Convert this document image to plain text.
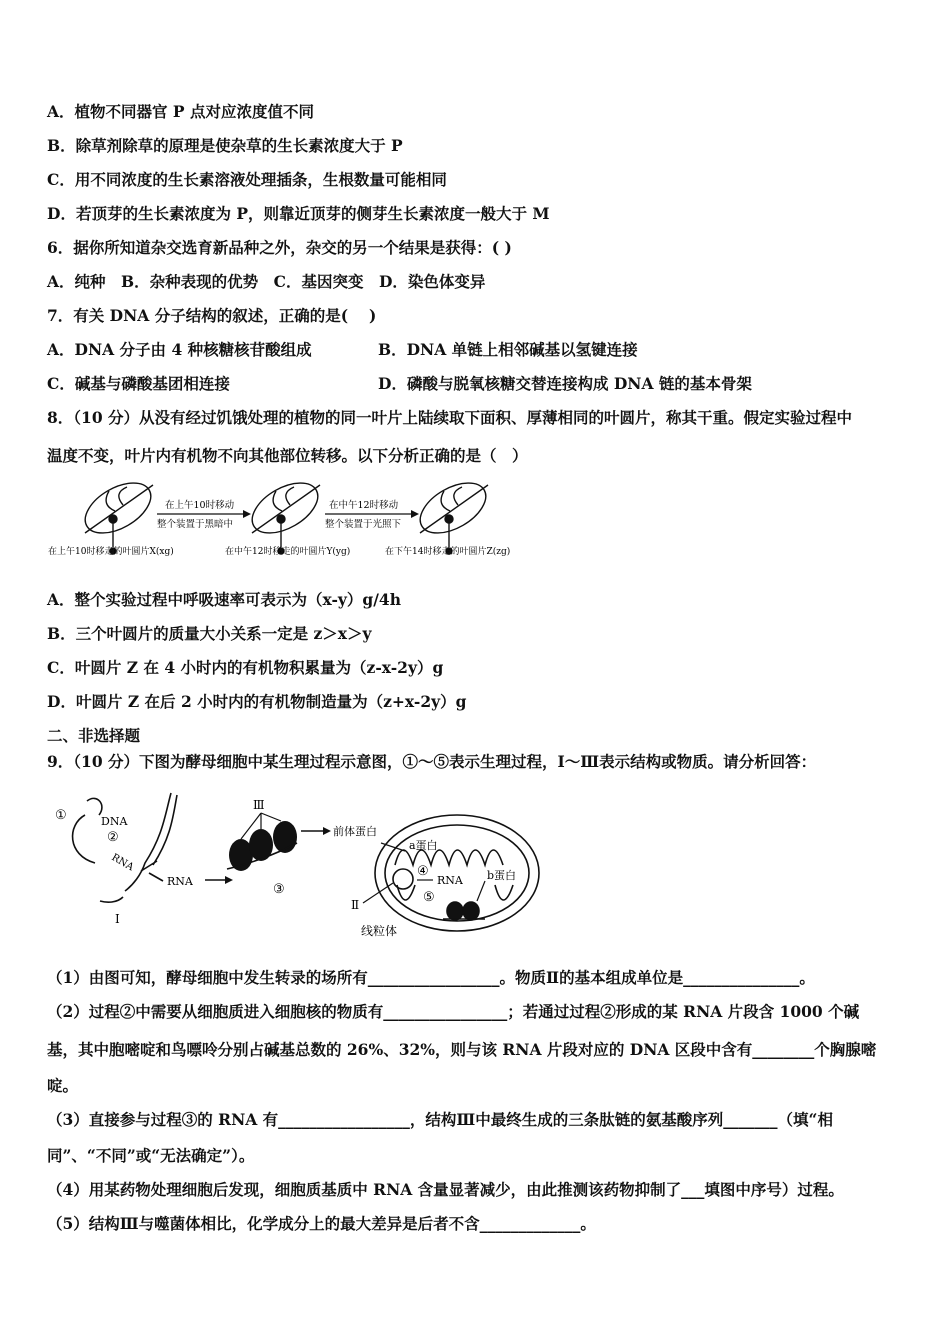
A．植物不同器官 P 点对应浓度值不同
B．除草剂除草的原理是使杂草的生长素浓度大于 P
C．用不同浓度的生长素溶液处理插条，生根数量可能相同
D．若顶芽的生长素浓度为 P，则靠近顶芽的侧芽生长素浓度一般大于 M
6．据你所知道杂交选育新品种之外，杂交的另一个结果是获得：( )
A．纯种　B．杂种表现的优势　C．基因突变　D．染色体变异
7．有关 DNA 分子结构的叙述，正确的是(　 )
A．DNA 分子由 4 种核糖核苷酸组成	B．DNA 单链上相邻碱基以氢键连接
C．碱基与磷酸基团相连接	D．磷酸与脱氧核糖交替连接构成 DNA 链的基本骨架
8．（10 分）从没有经过饥饿处理的植物的同一叶片上陆续取下面积、厚薄相同的叶圆片，称其干重。假定实验过程中
温度不变，叶片内有机物不向其他部位转移。以下分析正确的是（　）
在上午10时移动
整个装置于黑暗中
在中午12时移动
整个装置于光照下
在上午10时移走的叶圆片X(xg)	在中午12时移走的叶圆片Y(yg)	在下午14时移走的叶圆片Z(zg)
A．整个实验过程中呼吸速率可表示为（x-y）g/4h
B．三个叶圆片的质量大小关系一定是 z＞x＞y
C．叶圆片 Z 在 4 小时内的有机物积累量为（z-x-2y）g
D．叶圆片 Z 在后 2 小时内的有机物制造量为（z+x-2y）g
二、非选择题
9．（10 分）下图为酵母细胞中某生理过程示意图，①～⑤表示生理过程，Ⅰ～Ⅲ表示结构或物质。请分析回答：
①	DNA
②
RNA
RNA
Ⅰ
Ⅲ
③
前体蛋白
a蛋白
④
RNA
⑤
b蛋白
Ⅱ
线粒体
（1）由图可知，酵母细胞中发生转录的场所有_________________。物质Ⅱ的基本组成单位是_______________。
（2）过程②中需要从细胞质进入细胞核的物质有________________；若通过过程②形成的某 RNA 片段含 1000 个碱
基，其中胞嘧啶和鸟嘌呤分别占碱基总数的 26%、32%，则与该 RNA 片段对应的 DNA 区段中含有________个胸腺嘧
啶。
（3）直接参与过程③的 RNA 有_________________，结构Ⅲ中最终生成的三条肽链的氨基酸序列_______（填“相
同”、“不同”或“无法确定”）。
（4）用某药物处理细胞后发现，细胞质基质中 RNA 含量显著减少，由此推测该药物抑制了___填图中序号）过程。
（5）结构Ⅲ与噬菌体相比，化学成分上的最大差异是后者不含_____________。
